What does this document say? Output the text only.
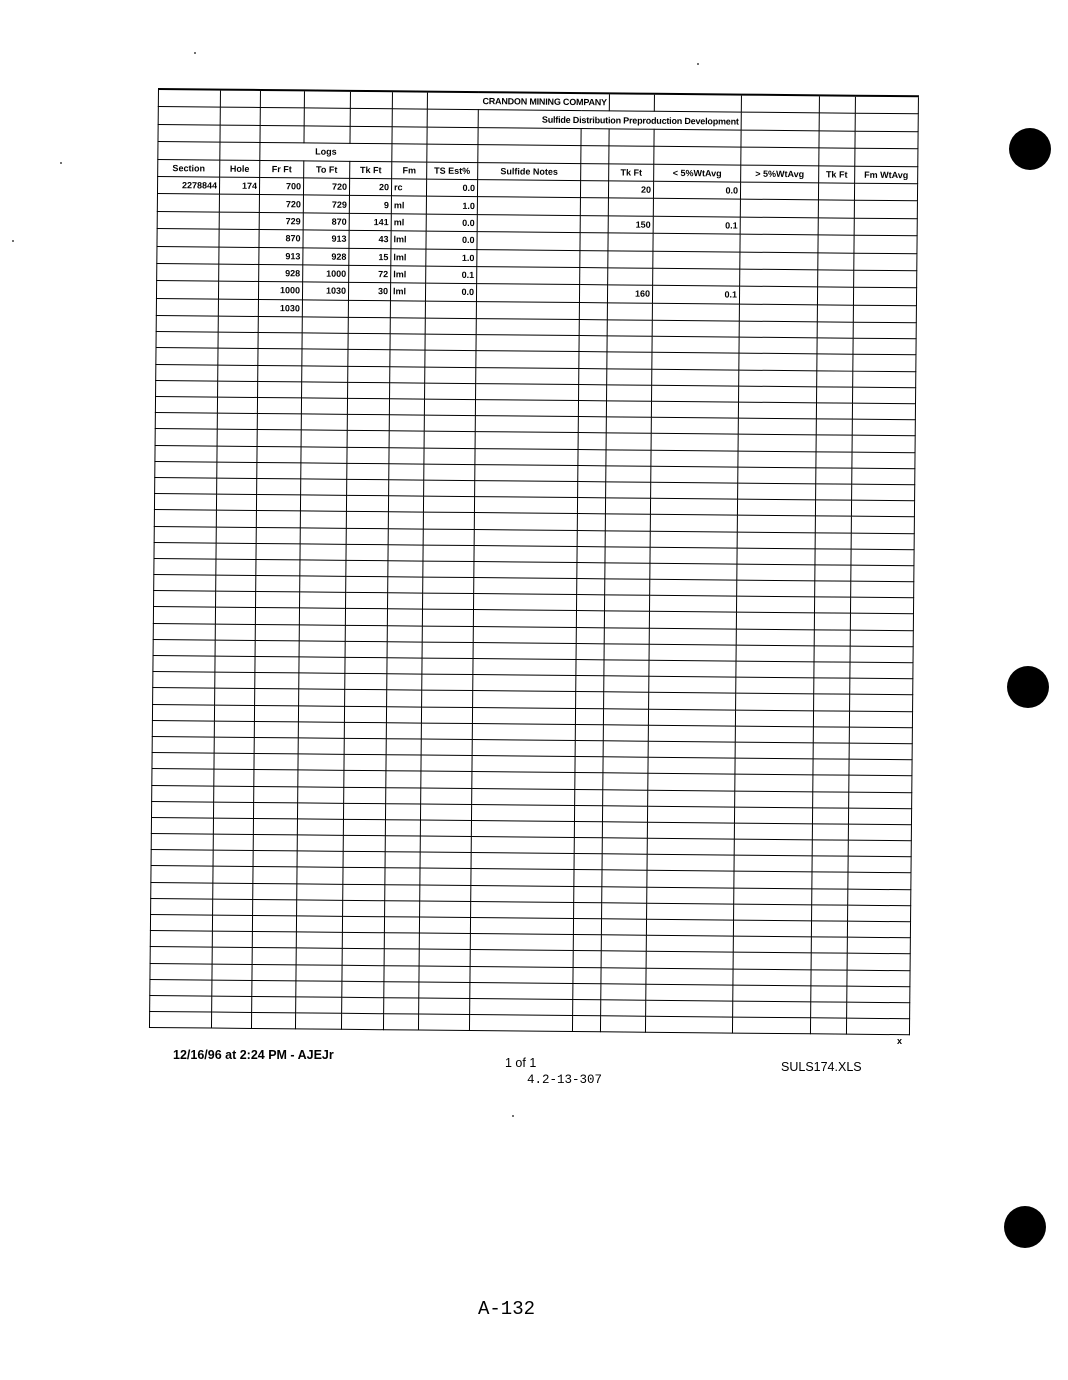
						CRANDON MINING COMPANY							
							Sulfide Distribution Preproduction Development						

		Logs											
Section	Hole	Fr Ft	To Ft	Tk Ft	Fm	TS Est%	Sulfide Notes		Tk Ft	< 5%WtAvg	> 5%WtAvg	Tk Ft	Fm WtAvg
2278844	174	700	720	20	rc	0.0			20	0.0			
		720	729	9	ml	1.0							
		729	870	141	ml	0.0			150	0.1			
		870	913	43	lml	0.0							
		913	928	15	lml	1.0							
		928	1000	72	lml	0.1							
		1000	1030	30	lml	0.0			160	0.1			
		1030											

12/16/96 at 2:24 PM - AJEJr
1 of 1
4.2-13-307
SULS174.XLS
x
A-132
